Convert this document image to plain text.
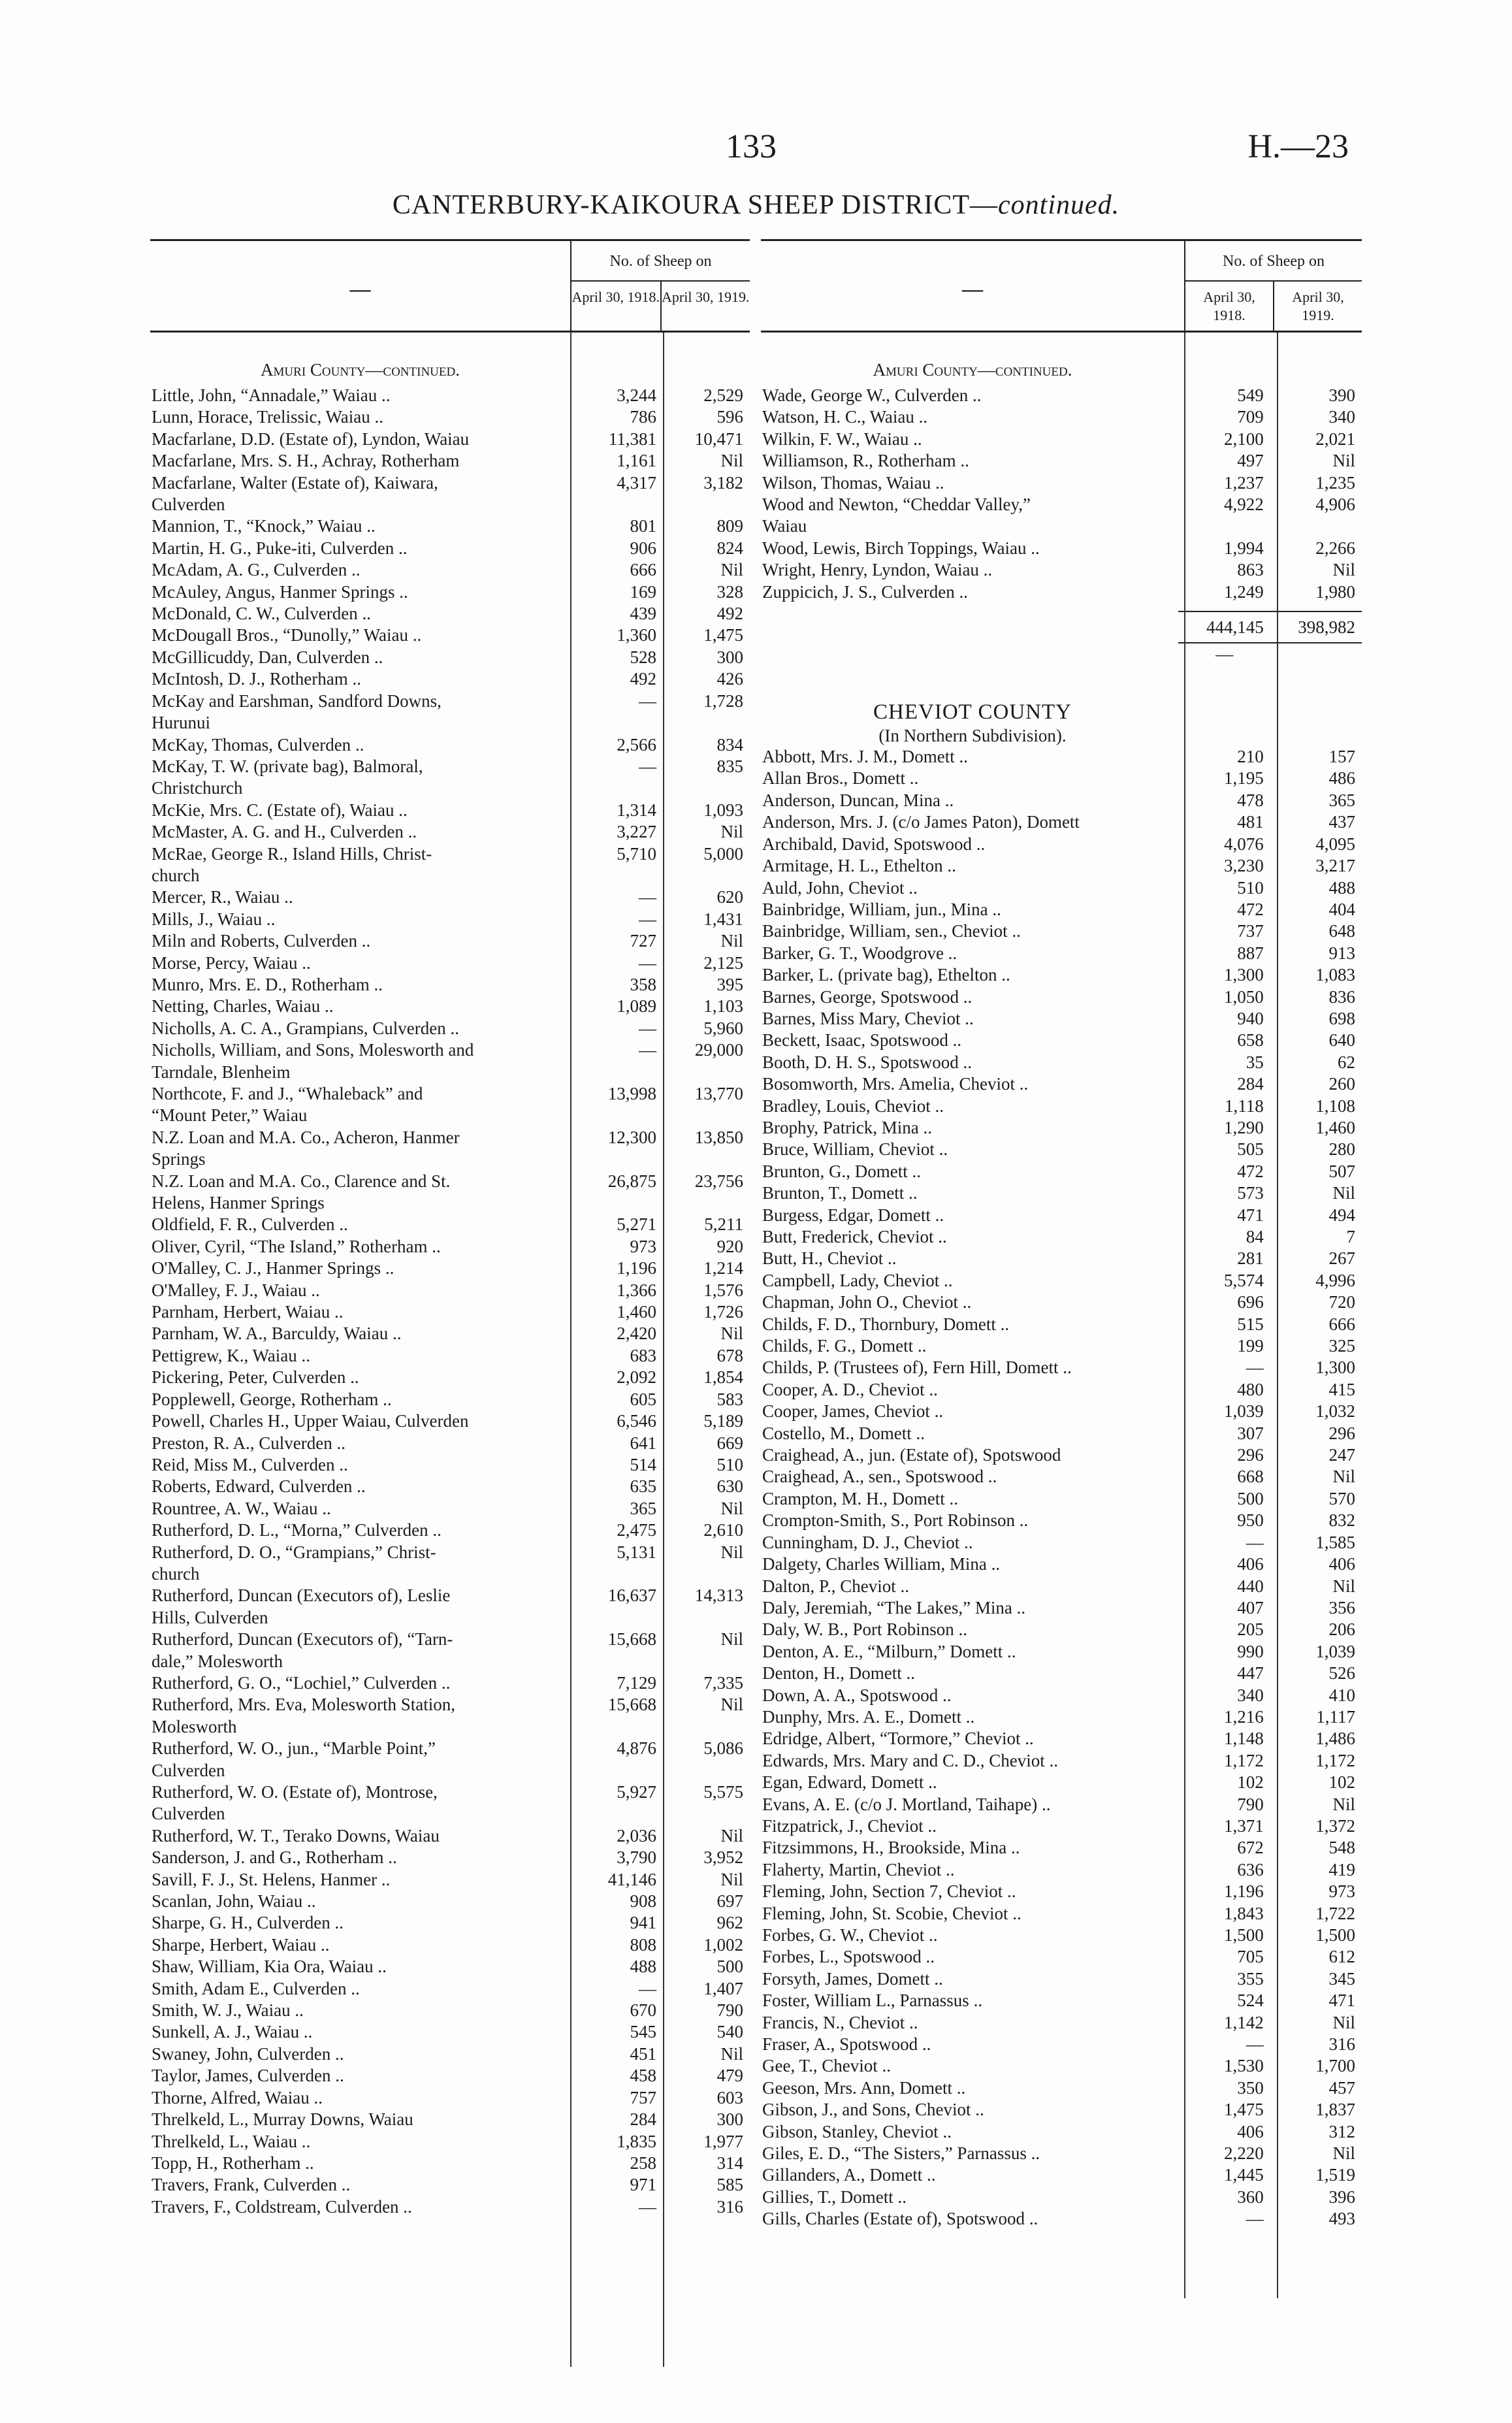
133	H.—23
CANTERBURY-KAIKOURA SHEEP DISTRICT—continued.
—
No. of Sheep on
April 30, 1918. April 30, 1919.
Amuri County—continued.
Little, John, “Annadale,” Waiau ..	3,244	2,529
Lunn, Horace, Trelissic, Waiau ..	786	596
Macfarlane, D.D. (Estate of), Lyndon, Waiau	11,381	10,471
Macfarlane, Mrs. S. H., Achray, Rotherham	1,161	Nil
Macfarlane, Walter (Estate of), Kaiwara,	4,317	3,182
Culverden
Mannion, T., “Knock,” Waiau ..	801	809
Martin, H. G., Puke-iti, Culverden ..	906	824
McAdam, A. G., Culverden ..	666	Nil
McAuley, Angus, Hanmer Springs ..	169	328
McDonald, C. W., Culverden ..	439	492
McDougall Bros., “Dunolly,” Waiau ..	1,360	1,475
McGillicuddy, Dan, Culverden ..	528	300
McIntosh, D. J., Rotherham ..	492	426
McKay and Earshman, Sandford Downs,	—	1,728
Hurunui
McKay, Thomas, Culverden ..	2,566	834
McKay, T. W. (private bag), Balmoral,	—	835
Christchurch
McKie, Mrs. C. (Estate of), Waiau ..	1,314	1,093
McMaster, A. G. and H., Culverden ..	3,227	Nil
McRae, George R., Island Hills, Christ-	5,710	5,000
church
Mercer, R., Waiau ..	—	620
Mills, J., Waiau ..	—	1,431
Miln and Roberts, Culverden ..	727	Nil
Morse, Percy, Waiau ..	—	2,125
Munro, Mrs. E. D., Rotherham ..	358	395
Netting, Charles, Waiau ..	1,089	1,103
Nicholls, A. C. A., Grampians, Culverden ..	—	5,960
Nicholls, William, and Sons, Molesworth and	—	29,000
Tarndale, Blenheim
Northcote, F. and J., “Whaleback” and	13,998	13,770
“Mount Peter,” Waiau
N.Z. Loan and M.A. Co., Acheron, Hanmer	12,300	13,850
Springs
N.Z. Loan and M.A. Co., Clarence and St.	26,875	23,756
Helens, Hanmer Springs
Oldfield, F. R., Culverden ..	5,271	5,211
Oliver, Cyril, “The Island,” Rotherham ..	973	920
O'Malley, C. J., Hanmer Springs ..	1,196	1,214
O'Malley, F. J., Waiau ..	1,366	1,576
Parnham, Herbert, Waiau ..	1,460	1,726
Parnham, W. A., Barculdy, Waiau ..	2,420	Nil
Pettigrew, K., Waiau ..	683	678
Pickering, Peter, Culverden ..	2,092	1,854
Popplewell, George, Rotherham ..	605	583
Powell, Charles H., Upper Waiau, Culverden	6,546	5,189
Preston, R. A., Culverden ..	641	669
Reid, Miss M., Culverden ..	514	510
Roberts, Edward, Culverden ..	635	630
Rountree, A. W., Waiau ..	365	Nil
Rutherford, D. L., “Morna,” Culverden ..	2,475	2,610
Rutherford, D. O., “Grampians,” Christ-	5,131	Nil
church
Rutherford, Duncan (Executors of), Leslie	16,637	14,313
Hills, Culverden
Rutherford, Duncan (Executors of), “Tarn-	15,668	Nil
dale,” Molesworth
Rutherford, G. O., “Lochiel,” Culverden ..	7,129	7,335
Rutherford, Mrs. Eva, Molesworth Station,	15,668	Nil
Molesworth
Rutherford, W. O., jun., “Marble Point,”	4,876	5,086
Culverden
Rutherford, W. O. (Estate of), Montrose,	5,927	5,575
Culverden
Rutherford, W. T., Terako Downs, Waiau	2,036	Nil
Sanderson, J. and G., Rotherham ..	3,790	3,952
Savill, F. J., St. Helens, Hanmer ..	41,146	Nil
Scanlan, John, Waiau ..	908	697
Sharpe, G. H., Culverden ..	941	962
Sharpe, Herbert, Waiau ..	808	1,002
Shaw, William, Kia Ora, Waiau ..	488	500
Smith, Adam E., Culverden ..	—	1,407
Smith, W. J., Waiau ..	670	790
Sunkell, A. J., Waiau ..	545	540
Swaney, John, Culverden ..	451	Nil
Taylor, James, Culverden ..	458	479
Thorne, Alfred, Waiau ..	757	603
Threlkeld, L., Murray Downs, Waiau	284	300
Threlkeld, L., Waiau ..	1,835	1,977
Topp, H., Rotherham ..	258	314
Travers, Frank, Culverden ..	971	585
Travers, F., Coldstream, Culverden ..	—	316
—
No. of Sheep on
April 30, 1918.
April 30, 1919.
Amuri County—continued.
Wade, George W., Culverden ..	549	390
Watson, H. C., Waiau ..	709	340
Wilkin, F. W., Waiau ..	2,100	2,021
Williamson, R., Rotherham ..	497	Nil
Wilson, Thomas, Waiau ..	1,237	1,235
Wood and Newton, “Cheddar Valley,”	4,922	4,906
Waiau
Wood, Lewis, Birch Toppings, Waiau ..	1,994	2,266
Wright, Henry, Lyndon, Waiau ..	863	Nil
Zuppicich, J. S., Culverden ..	1,249	1,980
444,145	398,982
—
CHEVIOT COUNTY
(In Northern Subdivision).
Abbott, Mrs. J. M., Domett ..	210	157
Allan Bros., Domett ..	1,195	486
Anderson, Duncan, Mina ..	478	365
Anderson, Mrs. J. (c/o James Paton), Domett	481	437
Archibald, David, Spotswood ..	4,076	4,095
Armitage, H. L., Ethelton ..	3,230	3,217
Auld, John, Cheviot ..	510	488
Bainbridge, William, jun., Mina ..	472	404
Bainbridge, William, sen., Cheviot ..	737	648
Barker, G. T., Woodgrove ..	887	913
Barker, L. (private bag), Ethelton ..	1,300	1,083
Barnes, George, Spotswood ..	1,050	836
Barnes, Miss Mary, Cheviot ..	940	698
Beckett, Isaac, Spotswood ..	658	640
Booth, D. H. S., Spotswood ..	35	62
Bosomworth, Mrs. Amelia, Cheviot ..	284	260
Bradley, Louis, Cheviot ..	1,118	1,108
Brophy, Patrick, Mina ..	1,290	1,460
Bruce, William, Cheviot ..	505	280
Brunton, G., Domett ..	472	507
Brunton, T., Domett ..	573	Nil
Burgess, Edgar, Domett ..	471	494
Butt, Frederick, Cheviot ..	84	7
Butt, H., Cheviot ..	281	267
Campbell, Lady, Cheviot ..	5,574	4,996
Chapman, John O., Cheviot ..	696	720
Childs, F. D., Thornbury, Domett ..	515	666
Childs, F. G., Domett ..	199	325
Childs, P. (Trustees of), Fern Hill, Domett ..	—	1,300
Cooper, A. D., Cheviot ..	480	415
Cooper, James, Cheviot ..	1,039	1,032
Costello, M., Domett ..	307	296
Craighead, A., jun. (Estate of), Spotswood	296	247
Craighead, A., sen., Spotswood ..	668	Nil
Crampton, M. H., Domett ..	500	570
Crompton-Smith, S., Port Robinson ..	950	832
Cunningham, D. J., Cheviot ..	—	1,585
Dalgety, Charles William, Mina ..	406	406
Dalton, P., Cheviot ..	440	Nil
Daly, Jeremiah, “The Lakes,” Mina ..	407	356
Daly, W. B., Port Robinson ..	205	206
Denton, A. E., “Milburn,” Domett ..	990	1,039
Denton, H., Domett ..	447	526
Down, A. A., Spotswood ..	340	410
Dunphy, Mrs. A. E., Domett ..	1,216	1,117
Edridge, Albert, “Tormore,” Cheviot ..	1,148	1,486
Edwards, Mrs. Mary and C. D., Cheviot ..	1,172	1,172
Egan, Edward, Domett ..	102	102
Evans, A. E. (c/o J. Mortland, Taihape) ..	790	Nil
Fitzpatrick, J., Cheviot ..	1,371	1,372
Fitzsimmons, H., Brookside, Mina ..	672	548
Flaherty, Martin, Cheviot ..	636	419
Fleming, John, Section 7, Cheviot ..	1,196	973
Fleming, John, St. Scobie, Cheviot ..	1,843	1,722
Forbes, G. W., Cheviot ..	1,500	1,500
Forbes, L., Spotswood ..	705	612
Forsyth, James, Domett ..	355	345
Foster, William L., Parnassus ..	524	471
Francis, N., Cheviot ..	1,142	Nil
Fraser, A., Spotswood ..	—	316
Gee, T., Cheviot ..	1,530	1,700
Geeson, Mrs. Ann, Domett ..	350	457
Gibson, J., and Sons, Cheviot ..	1,475	1,837
Gibson, Stanley, Cheviot ..	406	312
Giles, E. D., “The Sisters,” Parnassus ..	2,220	Nil
Gillanders, A., Domett ..	1,445	1,519
Gillies, T., Domett ..	360	396
Gills, Charles (Estate of), Spotswood ..	—	493
